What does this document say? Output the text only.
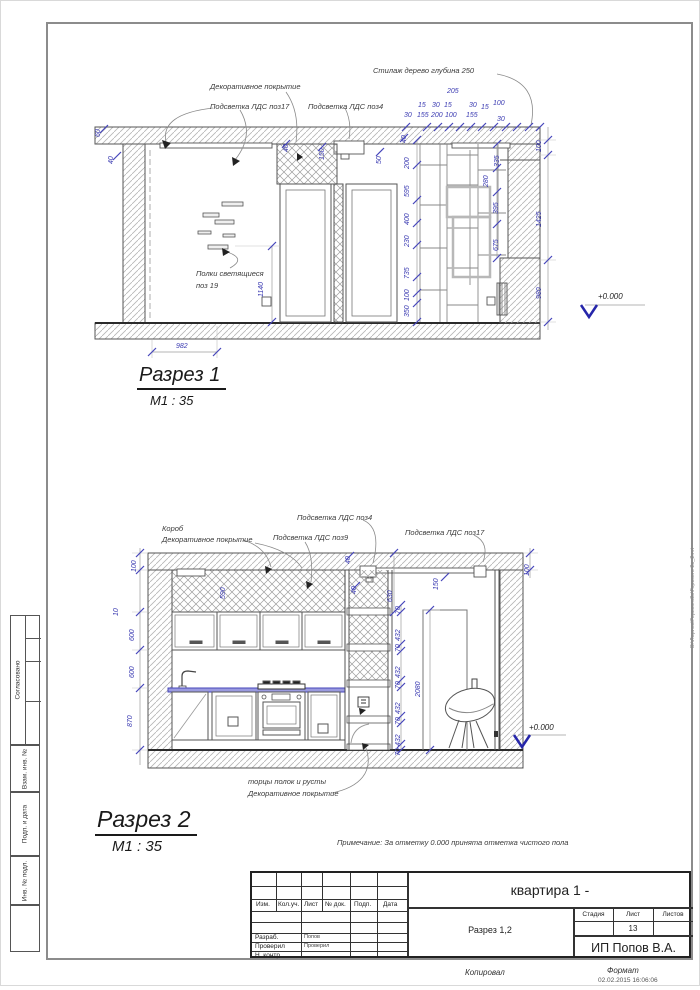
Стилаж дерево глубина 250
Декоративное покрытие
Подсветка ЛДС поз17 Подсветка ЛДС поз4
Полки светящиеся
поз 19
205
15 30 15 30 15
100
30 155 200 100 155
30
60
40
40
150
50
40
200
595
400
230
735
100
350
335
280
395
675
100
1425
980
1140
982
+0.000
Разрез 1
М1 : 35
Подсветка ЛДС поз4
Короб
Декоративное покрытие	Подсветка ЛДС поз9
Подсветка ЛДС поз17
100
10
600
600
870
590
40
40
630
150
70
432
70
432
70
432
70
432
70
2080
100
+0.000
торцы полок и русты
Декоративное покрытие
Разрез 2
М1 : 35	Примечание: За отметку 0.000 принята отметка чистого пола
Согласовано
Взам. инв. №
Подп. и дата
Инв. № подл.
D:\Лариса\Горького2в\Горького 2в_2.rvt
Изм. Кол.уч. Лист № док. Подп. Дата
Разраб.	Попов
Проверил	Проверил
Н. контр.
квартира 1 -
Разрез 1,2
Стадия	Лист	Листов
13
ИП Попов В.А.
Копировал	Формат
02.02.2015 16:06:06
